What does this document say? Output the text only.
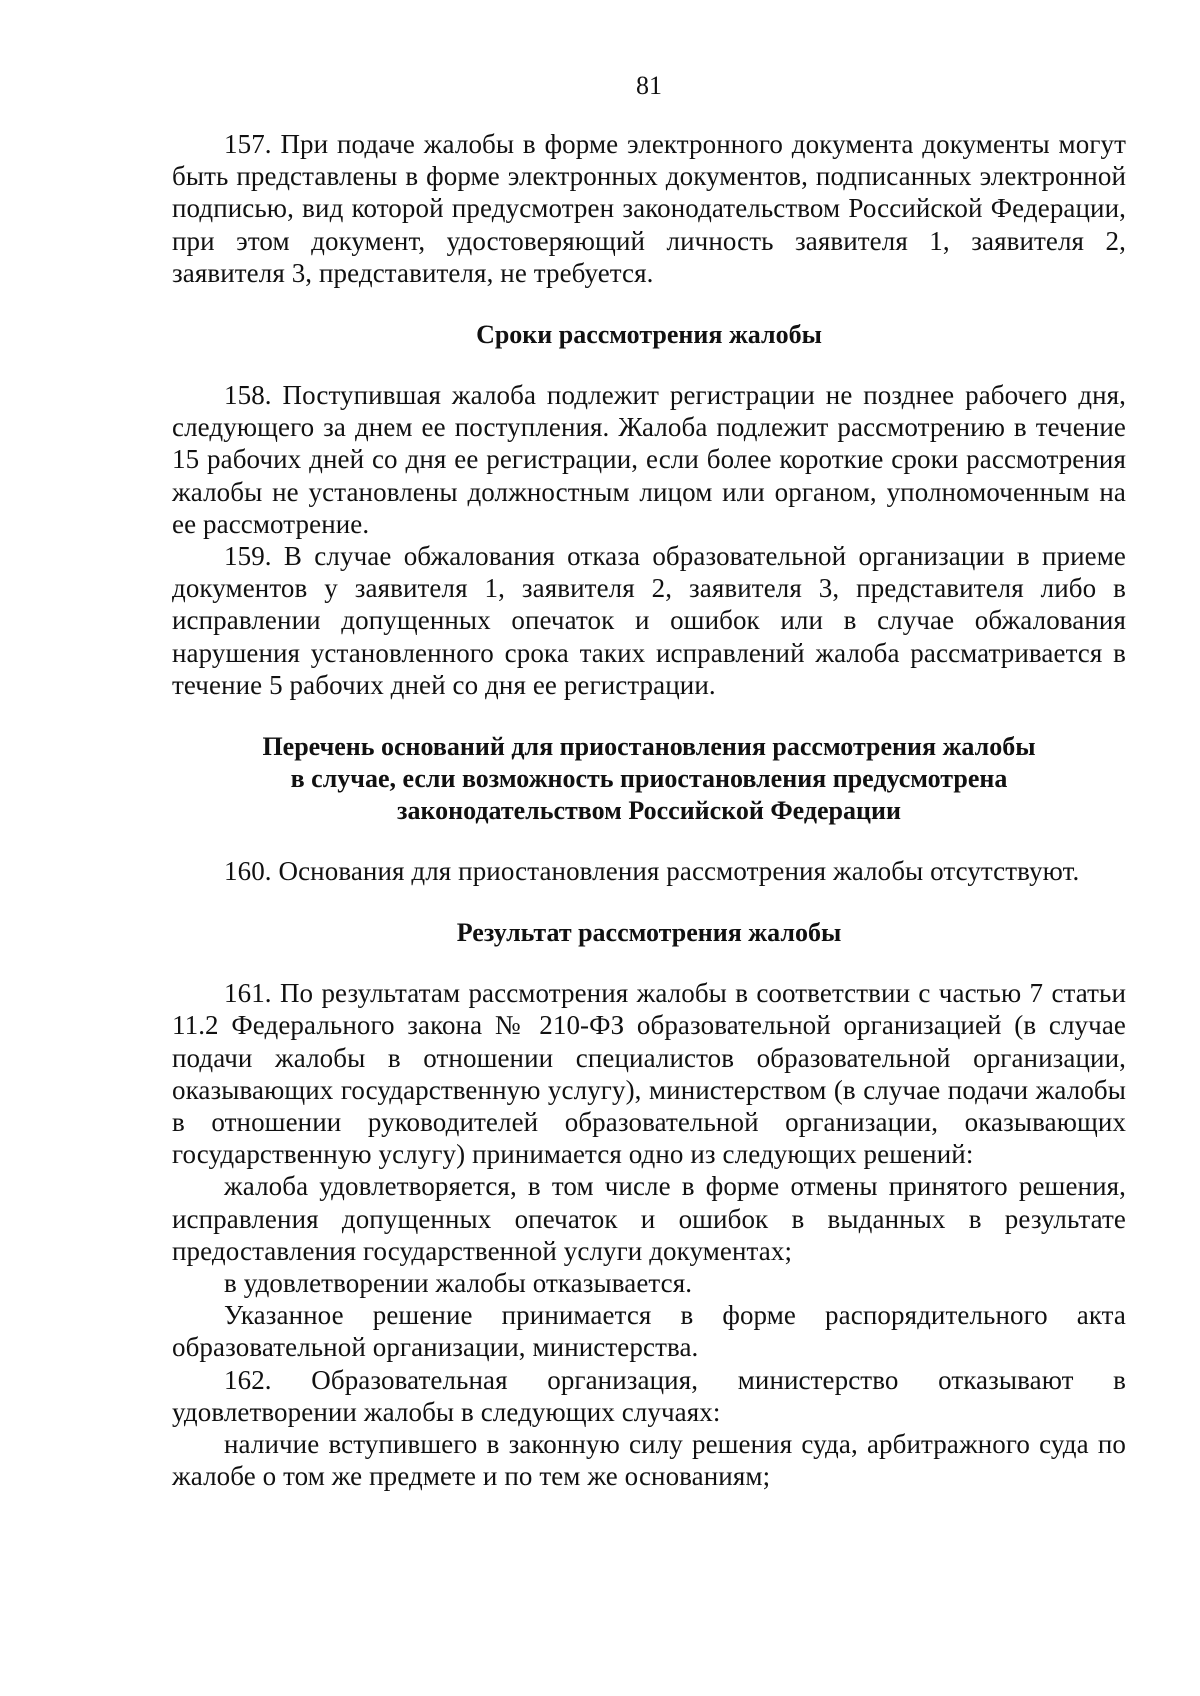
81

157. При подаче жалобы в форме электронного документа документы могут быть представлены в форме электронных документов, подписанных электронной подписью, вид которой предусмотрен законодательством Российской Федерации, при этом документ, удостоверяющий личность заявителя 1, заявителя 2, заявителя 3, представителя, не требуется.

Сроки рассмотрения жалобы

158. Поступившая жалоба подлежит регистрации не позднее рабочего дня, следующего за днем ее поступления. Жалоба подлежит рассмотрению в течение 15 рабочих дней со дня ее регистрации, если более короткие сроки рассмотрения жалобы не установлены должностным лицом или органом, уполномоченным на ее рассмотрение.

159. В случае обжалования отказа образовательной организации в приеме документов у заявителя 1, заявителя 2, заявителя 3, представителя либо в исправлении допущенных опечаток и ошибок или в случае обжалования нарушения установленного срока таких исправлений жалоба рассматривается в течение 5 рабочих дней со дня ее регистрации.

Перечень оснований для приостановления рассмотрения жалобы

в случае, если возможность приостановления предусмотрена

законодательством Российской Федерации

160. Основания для приостановления рассмотрения жалобы отсутствуют.

Результат рассмотрения жалобы

161. По результатам рассмотрения жалобы в соответствии с частью 7 статьи 11.2 Федерального закона № 210-ФЗ образовательной организацией (в случае подачи жалобы в отношении специалистов образовательной организации, оказывающих государственную услугу), министерством (в случае подачи жалобы в отношении руководителей образовательной организации, оказывающих государственную услугу) принимается одно из следующих решений:

жалоба удовлетворяется, в том числе в форме отмены принятого решения, исправления допущенных опечаток и ошибок в выданных в результате предоставления государственной услуги документах;

в удовлетворении жалобы отказывается.

Указанное решение принимается в форме распорядительного акта образовательной организации, министерства.

162. Образовательная организация, министерство отказывают в удовлетворении жалобы в следующих случаях:

наличие вступившего в законную силу решения суда, арбитражного суда по жалобе о том же предмете и по тем же основаниям;
